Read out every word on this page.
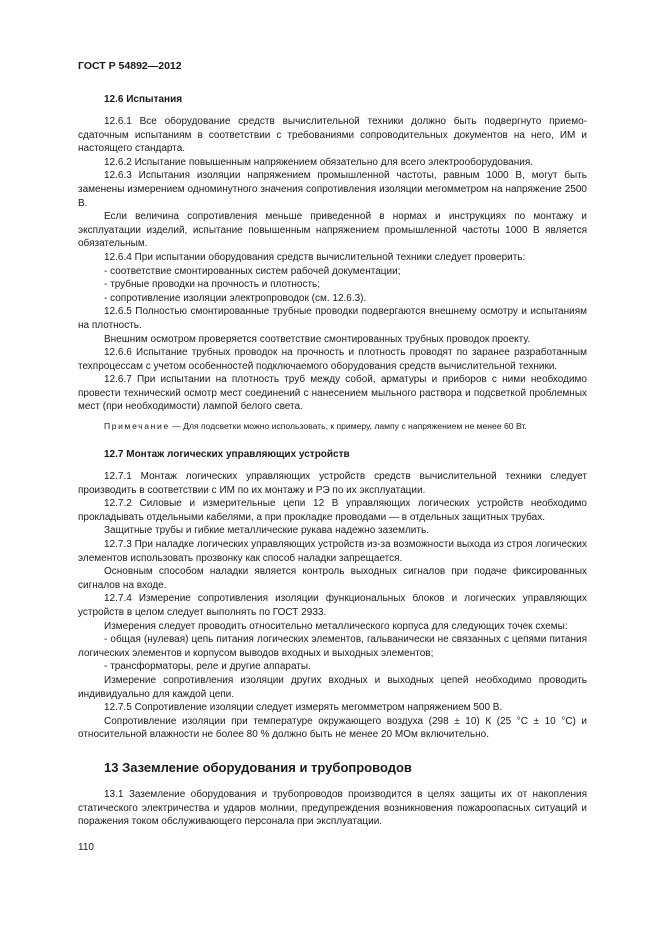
ГОСТ Р 54892—2012
12.6 Испытания

12.6.1 Все оборудование средств вычислительной техники должно быть подвергнуто приемо-сдаточным испытаниям в соответствии с требованиями сопроводительных документов на него, ИМ и настоящего стандарта.

12.6.2 Испытание повышенным напряжением обязательно для всего электрооборудования.

12.6.3 Испытания изоляции напряжением промышленной частоты, равным 1000 В, могут быть заменены измерением одноминутного значения сопротивления изоляции мегомметром на напряжение 2500 В.

Если величина сопротивления меньше приведенной в нормах и инструкциях по монтажу и эксплуатации изделий, испытание повышенным напряжением промышленной частоты 1000 В является обязательным.

12.6.4 При испытании оборудования средств вычислительной техники следует проверить:

- соответствие смонтированных систем рабочей документации;

- трубные проводки на прочность и плотность;

- сопротивление изоляции электропроводок (см. 12.6.3).

12.6.5 Полностью смонтированные трубные проводки подвергаются внешнему осмотру и испытаниям на плотность.

Внешним осмотром проверяется соответствие смонтированных трубных проводок проекту.

12.6.6 Испытание трубных проводок на прочность и плотность проводят по заранее разработанным техпроцессам с учетом особенностей подключаемого оборудования средств вычислительной техники.

12.6.7 При испытании на плотность труб между собой, арматуры и приборов с ними необходимо провести технический осмотр мест соединений с нанесением мыльного раствора и подсветкой проблемных мест (при необходимости) лампой белого света.

Примечание — Для подсветки можно использовать, к примеру, лампу с напряжением не менее 60 Вт.

12.7 Монтаж логических управляющих устройств

12.7.1 Монтаж логических управляющих устройств средств вычислительной техники следует производить в соответствии с ИМ по их монтажу и РЭ по их эксплуатации.

12.7.2 Силовые и измерительные цепи 12 В управляющих логических устройств необходимо прокладывать отдельными кабелями, а при прокладке проводами — в отдельных защитных трубах.

Защитные трубы и гибкие металлические рукава надежно заземлить.

12.7.3 При наладке логических управляющих устройств из-за возможности выхода из строя логических элементов использовать прозвонку как способ наладки запрещается.

Основным способом наладки является контроль выходных сигналов при подаче фиксированных сигналов на входе.

12.7.4 Измерение сопротивления изоляции функциональных блоков и логических управляющих устройств в целом следует выполнять по ГОСТ 2933.

Измерения следует проводить относительно металлического корпуса для следующих точек схемы:

- общая (нулевая) цепь питания логических элементов, гальванически не связанных с цепями питания логических элементов и корпусом выводов входных и выходных элементов;

- трансформаторы, реле и другие аппараты.

Измерение сопротивления изоляции других входных и выходных цепей необходимо проводить индивидуально для каждой цепи.

12.7.5 Сопротивление изоляции следует измерять мегомметром напряжением 500 В.

Сопротивление изоляции при температуре окружающего воздуха (298 ± 10) К (25 °С ± 10 °С) и относительной влажности не более 80 % должно быть не менее 20 МОм включительно.

13 Заземление оборудования и трубопроводов

13.1 Заземление оборудования и трубопроводов производится в целях защиты их от накопления статического электричества и ударов молнии, предупреждения возникновения пожароопасных ситуаций и поражения током обслуживающего персонала при эксплуатации.

110
